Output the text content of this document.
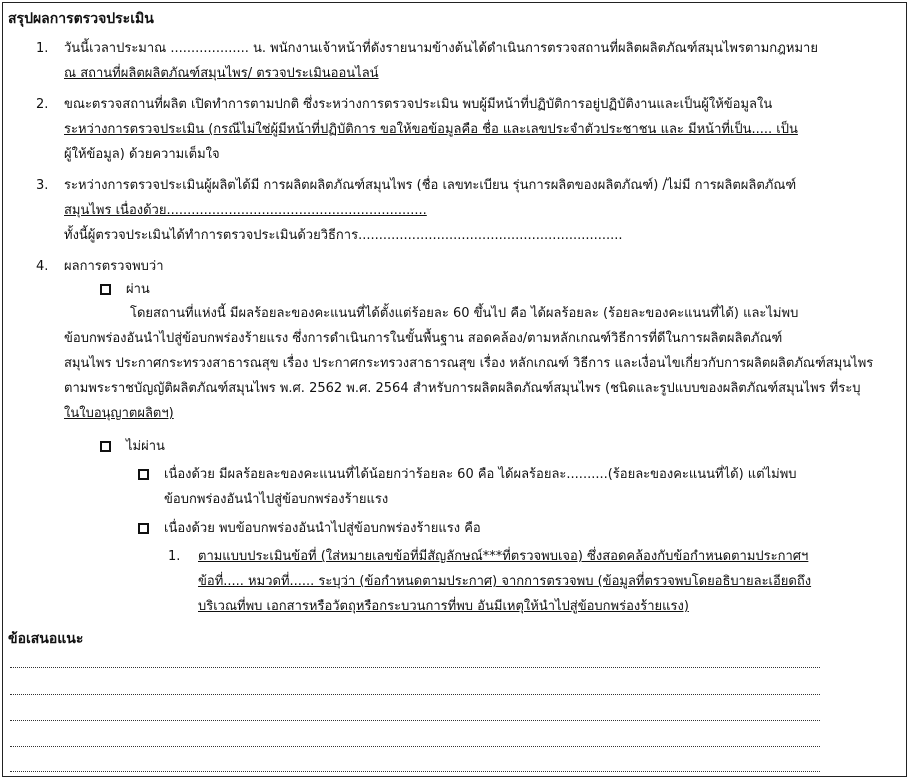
สรุปผลการตรวจประเมิน
1. วันนี้เวลาประมาณ ................... น. พนักงานเจ้าหน้าที่ดังรายนามข้างต้นได้ดำเนินการตรวจสถานที่ผลิตผลิตภัณฑ์สมุนไพรตามกฎหมาย
ณ สถานที่ผลิตผลิตภัณฑ์สมุนไพร/ ตรวจประเมินออนไลน์
2. ขณะตรวจสถานที่ผลิต เปิดทำการตามปกติ ซึ่งระหว่างการตรวจประเมิน พบผู้มีหน้าที่ปฏิบัติการอยู่ปฏิบัติงานและเป็นผู้ให้ข้อมูลใน
ระหว่างการตรวจประเมิน (กรณีไม่ใช่ผู้มีหน้าที่ปฏิบัติการ ขอให้ขอข้อมูลคือ ชื่อ และเลขประจำตัวประชาชน และ มีหน้าที่เป็น..... เป็น
ผู้ให้ข้อมูล) ด้วยความเต็มใจ
3. ระหว่างการตรวจประเมินผู้ผลิตได้มี การผลิตผลิตภัณฑ์สมุนไพร (ชื่อ เลขทะเบียน รุ่นการผลิตของผลิตภัณฑ์) /ไม่มี การผลิตผลิตภัณฑ์
สมุนไพร เนื่องด้วย...............................................................
ทั้งนี้ผู้ตรวจประเมินได้ทำการตรวจประเมินด้วยวิธีการ................................................................
4. ผลการตรวจพบว่า
ผ่าน
โดยสถานที่แห่งนี้ มีผลร้อยละของคะแนนที่ได้ตั้งแต่ร้อยละ 60 ขึ้นไป คือ ได้ผลร้อยละ (ร้อยละของคะแนนที่ได้) และไม่พบ
ข้อบกพร่องอันนำไปสู่ข้อบกพร่องร้ายแรง ซึ่งการดำเนินการในขั้นพื้นฐาน สอดคล้อง/ตามหลักเกณฑ์วิธีการที่ดีในการผลิตผลิตภัณฑ์
สมุนไพร ประกาศกระทรวงสาธารณสุข เรื่อง ประกาศกระทรวงสาธารณสุข เรื่อง หลักเกณฑ์ วิธีการ และเงื่อนไขเกี่ยวกับการผลิตผลิตภัณฑ์สมุนไพร
ตามพระราชบัญญัติผลิตภัณฑ์สมุนไพร พ.ศ. 2562 พ.ศ. 2564 สำหรับการผลิตผลิตภัณฑ์สมุนไพร (ชนิดและรูปแบบของผลิตภัณฑ์สมุนไพร ที่ระบุ
ในใบอนุญาตผลิตฯ)
ไม่ผ่าน
เนื่องด้วย มีผลร้อยละของคะแนนที่ได้น้อยกว่าร้อยละ 60 คือ ได้ผลร้อยละ..........(ร้อยละของคะแนนที่ได้) แต่ไม่พบ
ข้อบกพร่องอันนำไปสู่ข้อบกพร่องร้ายแรง
เนื่องด้วย พบข้อบกพร่องอันนำไปสู่ข้อบกพร่องร้ายแรง คือ
1. ตามแบบประเมินข้อที่ (ใส่หมายเลขข้อที่มีสัญลักษณ์***ที่ตรวจพบเจอ) ซึ่งสอดคล้องกับข้อกำหนดตามประกาศฯ
ข้อที่..... หมวดที่...... ระบุว่า (ข้อกำหนดตามประกาศ) จากการตรวจพบ (ข้อมูลที่ตรวจพบโดยอธิบายละเอียดถึง
บริเวณที่พบ เอกสารหรือวัตถุหรือกระบวนการที่พบ อันมีเหตุให้นำไปสู่ข้อบกพร่องร้ายแรง)
ข้อเสนอแนะ
